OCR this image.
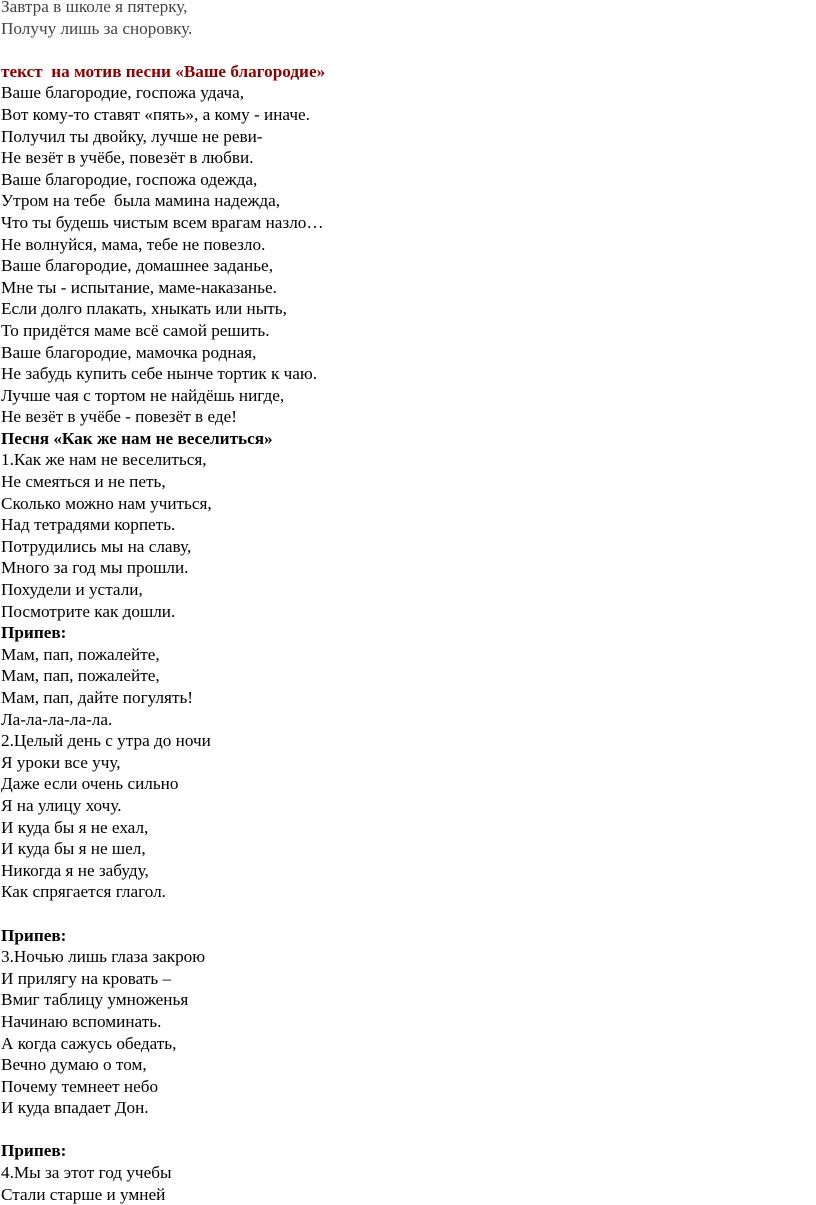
Завтра в школе я пятерку,
Получу лишь за сноровку.
текст  на мотив песни «Ваше благородие»
Ваше благородие, госпожа удача,
Вот кому-то ставят «пять», а кому - иначе.
Получил ты двойку, лучше не реви-
Не везёт в учёбе, повезёт в любви.
Ваше благородие, госпожа одежда,
Утром на тебе  была мамина надежда,
Что ты будешь чистым всем врагам назло…
Не волнуйся, мама, тебе не повезло.
Ваше благородие, домашнее заданье,
Мне ты - испытание, маме-наказанье.
Если долго плакать, хныкать или ныть,
То придётся маме всё самой решить.
Ваше благородие, мамочка родная,
Не забудь купить себе нынче тортик к чаю.
Лучше чая с тортом не найдёшь нигде,
Не везёт в учёбе - повезёт в еде!
Песня «Как же нам не веселиться»
1.Как же нам не веселиться,
Не смеяться и не петь,
Сколько можно нам учиться,
Над тетрадями корпеть.
Потрудились мы на славу,
Много за год мы прошли.
Похудели и устали,
Посмотрите как дошли.
Припев:
Мам, пап, пожалейте,
Мам, пап, пожалейте,
Мам, пап, дайте погулять!
Ла-ла-ла-ла-ла.
2.Целый день с утра до ночи
Я уроки все учу,
Даже если очень сильно
Я на улицу хочу.
И куда бы я не ехал,
И куда бы я не шел,
Никогда я не забуду,
Как спрягается глагол.
Припев:
3.Ночью лишь глаза закрою
И прилягу на кровать –
Вмиг таблицу умноженья
Начинаю вспоминать.
А когда сажусь обедать,
Вечно думаю о том,
Почему темнеет небо
И куда впадает Дон.
Припев:
4.Мы за этот год учебы
Стали старше и умней
